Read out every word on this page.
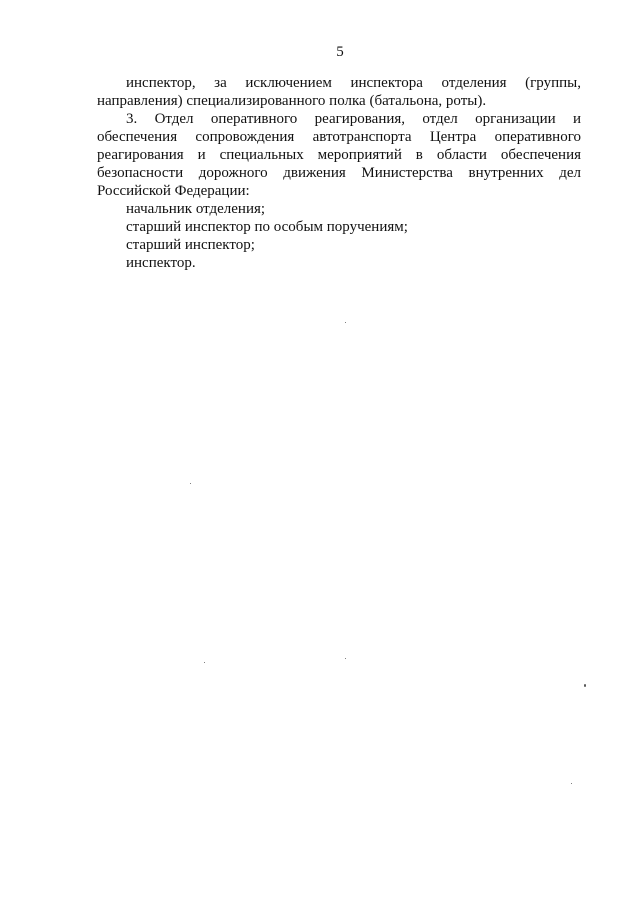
5

инспектор, за исключением инспектора отделения (группы, направления) специализированного полка (батальона, роты).

3. Отдел оперативного реагирования, отдел организации и обеспечения сопровождения автотранспорта Центра оперативного реагирования и специальных мероприятий в области обеспечения безопасности дорожного движения Министерства внутренних дел Российской Федерации:

начальник отделения;

старший инспектор по особым поручениям;

старший инспектор;

инспектор.
